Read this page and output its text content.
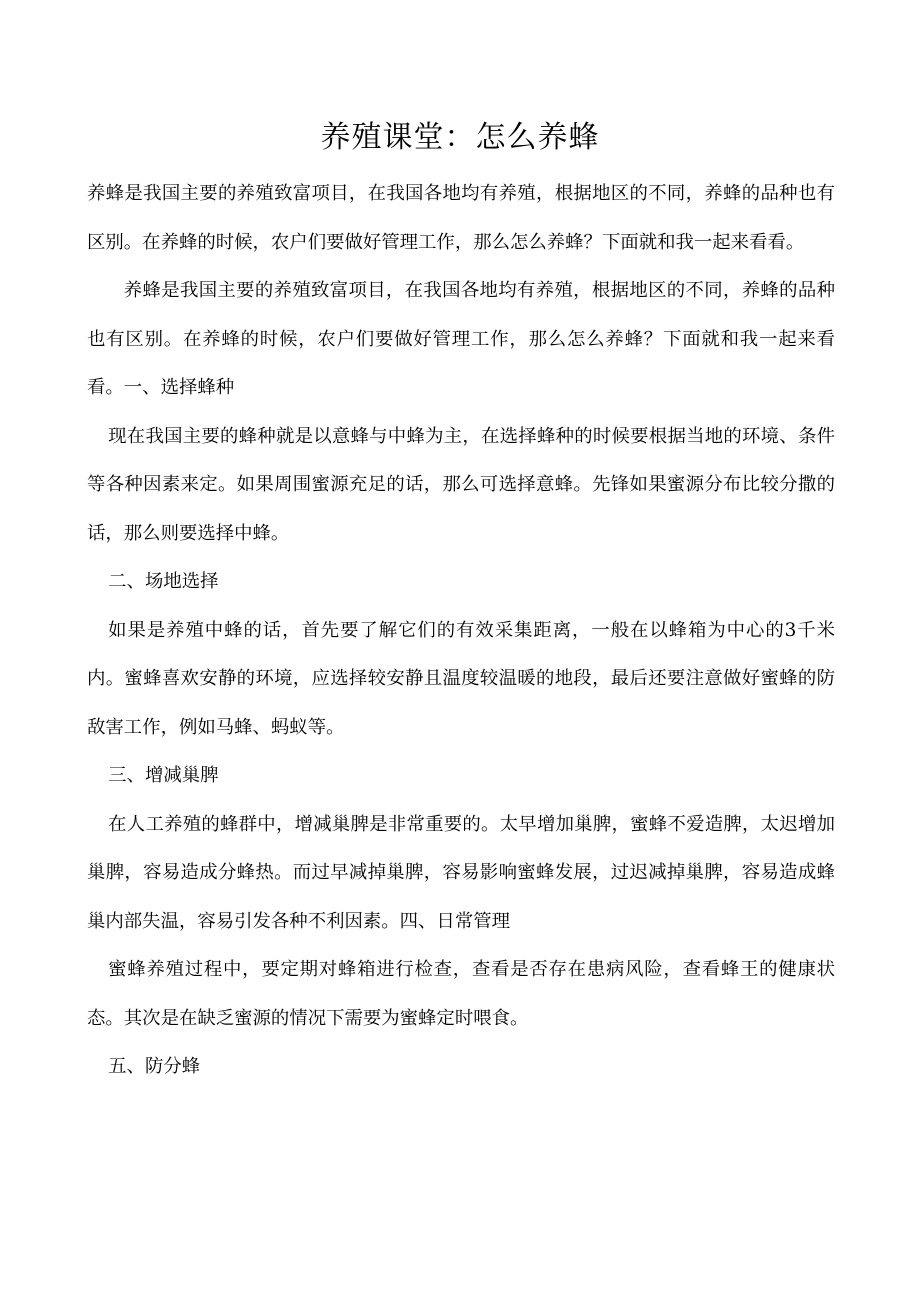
养殖课堂：怎么养蜂

养蜂是我国主要的养殖致富项目，在我国各地均有养殖，根据地区的不同，养蜂的品种也有区别。在养蜂的时候，农户们要做好管理工作，那么怎么养蜂？下面就和我一起来看看。

养蜂是我国主要的养殖致富项目，在我国各地均有养殖，根据地区的不同，养蜂的品种也有区别。在养蜂的时候，农户们要做好管理工作，那么怎么养蜂？下面就和我一起来看看。一、选择蜂种

现在我国主要的蜂种就是以意蜂与中蜂为主，在选择蜂种的时候要根据当地的环境、条件等各种因素来定。如果周围蜜源充足的话，那么可选择意蜂。先锋如果蜜源分布比较分撒的话，那么则要选择中蜂。

二、场地选择

如果是养殖中蜂的话，首先要了解它们的有效采集距离，一般在以蜂箱为中心的3千米内。蜜蜂喜欢安静的环境，应选择较安静且温度较温暖的地段，最后还要注意做好蜜蜂的防敌害工作，例如马蜂、蚂蚁等。

三、增减巢脾

在人工养殖的蜂群中，增减巢脾是非常重要的。太早增加巢脾，蜜蜂不爱造脾，太迟增加巢脾，容易造成分蜂热。而过早减掉巢脾，容易影响蜜蜂发展，过迟减掉巢脾，容易造成蜂巢内部失温，容易引发各种不利因素。四、日常管理

蜜蜂养殖过程中，要定期对蜂箱进行检查，查看是否存在患病风险，查看蜂王的健康状态。其次是在缺乏蜜源的情况下需要为蜜蜂定时喂食。

五、防分蜂
